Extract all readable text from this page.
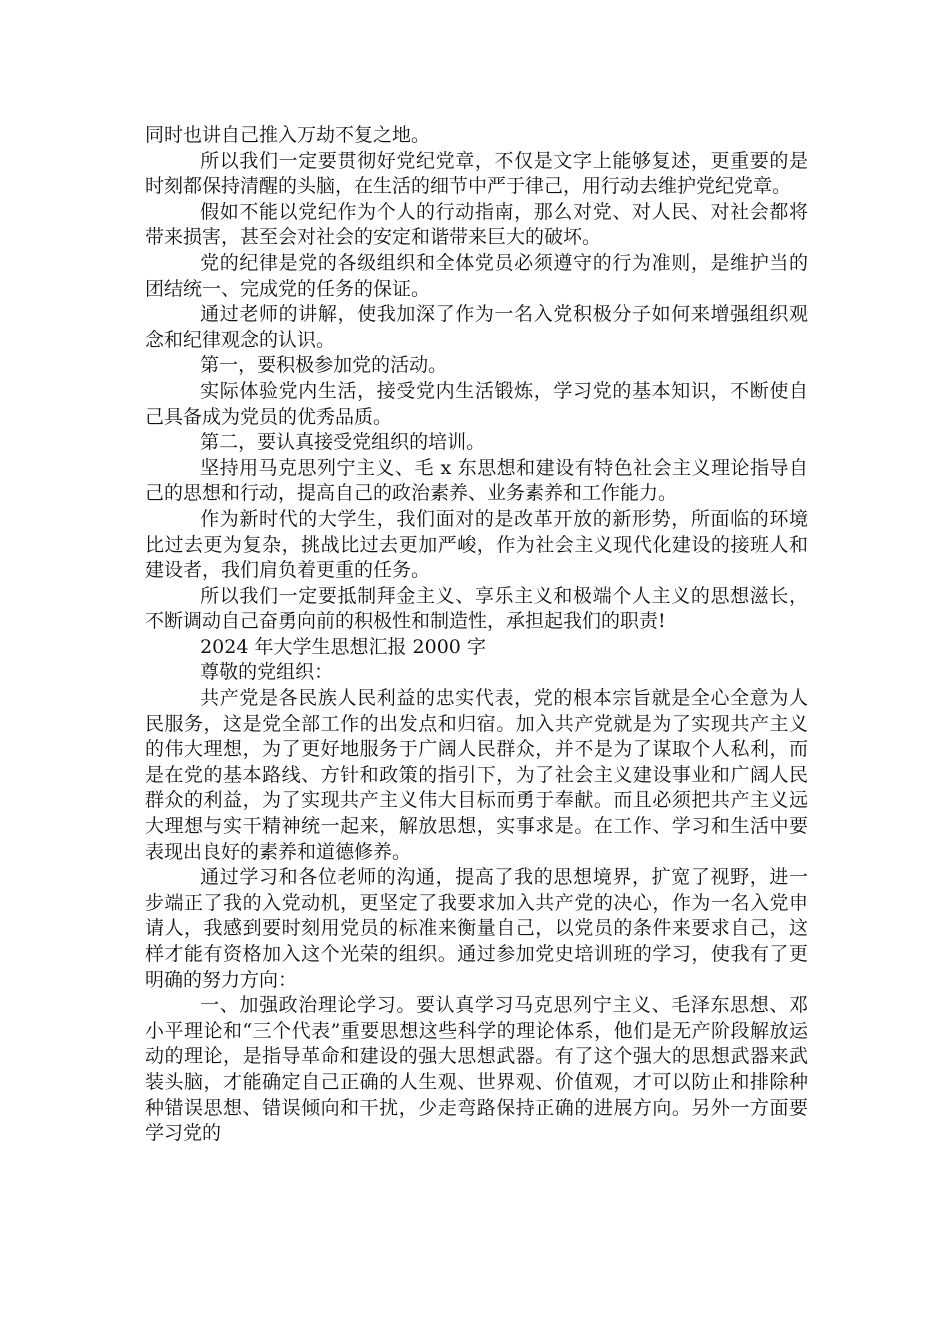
同时也讲自己推入万劫不复之地。

所以我们一定要贯彻好党纪党章，不仅是文字上能够复述，更重要的是时刻都保持清醒的头脑，在生活的细节中严于律己，用行动去维护党纪党章。

假如不能以党纪作为个人的行动指南，那么对党、对人民、对社会都将带来损害，甚至会对社会的安定和谐带来巨大的破坏。

党的纪律是党的各级组织和全体党员必须遵守的行为准则，是维护当的团结统一、完成党的任务的保证。

通过老师的讲解，使我加深了作为一名入党积极分子如何来增强组织观念和纪律观念的认识。

第一，要积极参加党的活动。

实际体验党内生活，接受党内生活锻炼，学习党的基本知识，不断使自己具备成为党员的优秀品质。

第二，要认真接受党组织的培训。

坚持用马克思列宁主义、毛 x 东思想和建设有特色社会主义理论指导自己的思想和行动，提高自己的政治素养、业务素养和工作能力。

作为新时代的大学生，我们面对的是改革开放的新形势，所面临的环境比过去更为复杂，挑战比过去更加严峻，作为社会主义现代化建设的接班人和建设者，我们肩负着更重的任务。

所以我们一定要抵制拜金主义、享乐主义和极端个人主义的思想滋长，不断调动自己奋勇向前的积极性和制造性，承担起我们的职责!

2024 年大学生思想汇报 2000 字

尊敬的党组织：

共产党是各民族人民利益的忠实代表，党的根本宗旨就是全心全意为人民服务，这是党全部工作的出发点和归宿。加入共产党就是为了实现共产主义的伟大理想，为了更好地服务于广阔人民群众，并不是为了谋取个人私利，而是在党的基本路线、方针和政策的指引下，为了社会主义建设事业和广阔人民群众的利益，为了实现共产主义伟大目标而勇于奉献。而且必须把共产主义远大理想与实干精神统一起来，解放思想，实事求是。在工作、学习和生活中要表现出良好的素养和道德修养。

通过学习和各位老师的沟通，提高了我的思想境界，扩宽了视野，进一步端正了我的入党动机，更坚定了我要求加入共产党的决心，作为一名入党申请人，我感到要时刻用党员的标准来衡量自己，以党员的条件来要求自己，这样才能有资格加入这个光荣的组织。通过参加党史培训班的学习，使我有了更明确的努力方向：

一、加强政治理论学习。要认真学习马克思列宁主义、毛泽东思想、邓小平理论和“三个代表”重要思想这些科学的理论体系，他们是无产阶段解放运动的理论，是指导革命和建设的强大思想武器。有了这个强大的思想武器来武装头脑，才能确定自己正确的人生观、世界观、价值观，才可以防止和排除种种错误思想、错误倾向和干扰，少走弯路保持正确的进展方向。另外一方面要学习党的
